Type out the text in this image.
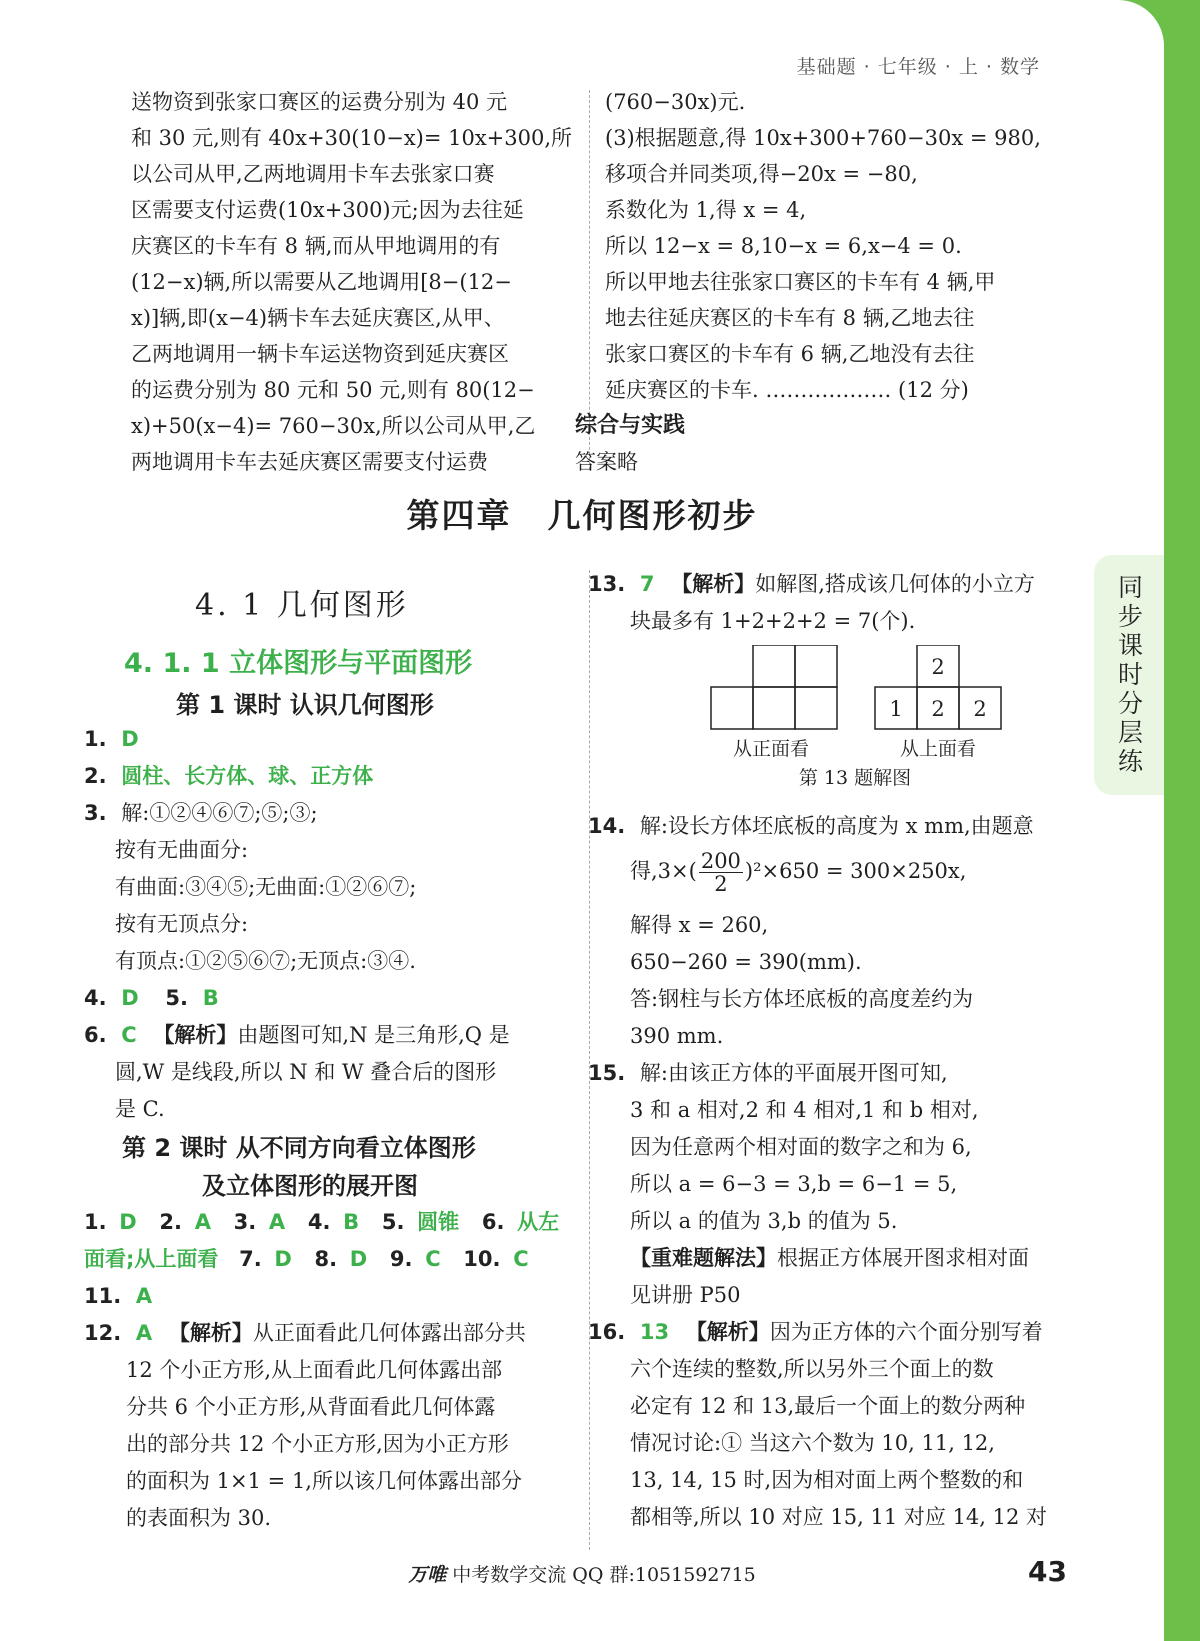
基础题 · 七年级 · 上 · 数学

送物资到张家口赛区的运费分别为 40 元

和 30 元,则有 40x+30(10−x)= 10x+300,所

以公司从甲,乙两地调用卡车去张家口赛

区需要支付运费(10x+300)元;因为去往延

庆赛区的卡车有 8 辆,而从甲地调用的有

(12−x)辆,所以需要从乙地调用[8−(12−

x)]辆,即(x−4)辆卡车去延庆赛区,从甲、

乙两地调用一辆卡车运送物资到延庆赛区

的运费分别为 80 元和 50 元,则有 80(12−

x)+50(x−4)= 760−30x,所以公司从甲,乙

两地调用卡车去延庆赛区需要支付运费

(760−30x)元.

(3)根据题意,得 10x+300+760−30x = 980,

移项合并同类项,得−20x = −80,

系数化为 1,得 x = 4,

所以 12−x = 8,10−x = 6,x−4 = 0.

所以甲地去往张家口赛区的卡车有 4 辆,甲

地去往延庆赛区的卡车有 8 辆,乙地去往

张家口赛区的卡车有 6 辆,乙地没有去往

延庆赛区的卡车. ……………… (12 分)

综合与实践

答案略

第四章 几何图形初步
4. 1 几何图形
4. 1. 1 立体图形与平面图形
第 1 课时 认识几何图形
1. D
2. 圆柱、长方体、球、正方体
3. 解:①②④⑥⑦;⑤;③;
按有无曲面分:
有曲面:③④⑤;无曲面:①②⑥⑦;
按有无顶点分:
有顶点:①②⑤⑥⑦;无顶点:③④.
4. D 5. B
6. C 【解析】由题图可知,N 是三角形,Q 是
圆,W 是线段,所以 N 和 W 叠合后的图形
是 C.
第 2 课时 从不同方向看立体图形
及立体图形的展开图
1. D 2. A 3. A 4. B 5. 圆锥 6. 从左
面看;从上面看 7. D 8. D 9. C 10. C
11. A
12. A 【解析】从正面看此几何体露出部分共
12 个小正方形,从上面看此几何体露出部
分共 6 个小正方形,从背面看此几何体露
出的部分共 12 个小正方形,因为小正方形
的面积为 1×1 = 1,所以该几何体露出部分
的表面积为 30.
13. 7 【解析】如解图,搭成该几何体的小立方
块最多有 1+2+2+2 = 7(个).
2
1 2 2
从正面看	从上面看
第 13 题解图
14. 解:设长方体坯底板的高度为 x mm,由题意
得$,3\times( \frac{200}{2} )^2\times 650 = 300\times 250x$,
解得 x = 260,
650−260 = 390(mm).
答:钢柱与长方体坯底板的高度差约为
390 mm.
15. 解:由该正方体的平面展开图可知,
3 和 a 相对,2 和 4 相对,1 和 b 相对,
因为任意两个相对面的数字之和为 6,
所以 a = 6−3 = 3,b = 6−1 = 5,
所以 a 的值为 3,b 的值为 5.
【重难题解法】根据正方体展开图求相对面
见讲册 P50
16. 13 【解析】因为正方体的六个面分别写着
六个连续的整数,所以另外三个面上的数
必定有 12 和 13,最后一个面上的数分两种
情况讨论:① 当这六个数为 10, 11, 12,
13, 14, 15 时,因为相对面上两个整数的和
都相等,所以 10 对应 15, 11 对应 14, 12 对
同步课时分层练
万唯 中考数学交流 QQ 群:1051592715	43
